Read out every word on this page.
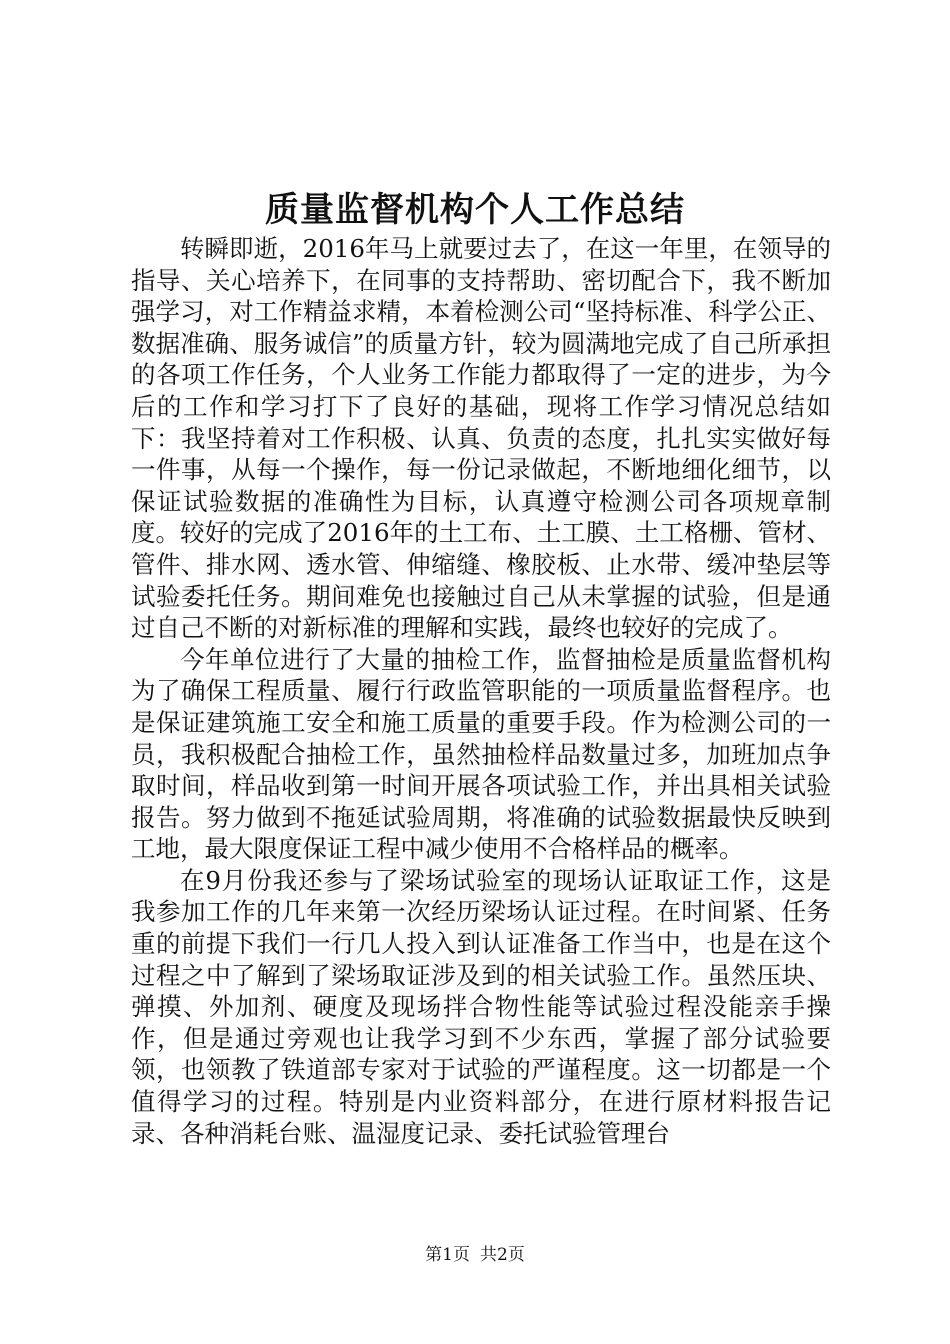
质量监督机构个人工作总结

转瞬即逝，2016年马上就要过去了，在这一年里，在领导的指导、关心培养下，在同事的支持帮助、密切配合下，我不断加强学习，对工作精益求精，本着检测公司“坚持标准、科学公正、数据准确、服务诚信”的质量方针，较为圆满地完成了自己所承担的各项工作任务，个人业务工作能力都取得了一定的进步，为今后的工作和学习打下了良好的基础，现将工作学习情况总结如下：我坚持着对工作积极、认真、负责的态度，扎扎实实做好每一件事，从每一个操作，每一份记录做起，不断地细化细节，以保证试验数据的准确性为目标，认真遵守检测公司各项规章制度。较好的完成了2016年的土工布、土工膜、土工格栅、管材、管件、排水网、透水管、伸缩缝、橡胶板、止水带、缓冲垫层等试验委托任务。期间难免也接触过自己从未掌握的试验，但是通过自己不断的对新标准的理解和实践，最终也较好的完成了。

今年单位进行了大量的抽检工作，监督抽检是质量监督机构为了确保工程质量、履行行政监管职能的一项质量监督程序。也是保证建筑施工安全和施工质量的重要手段。作为检测公司的一员，我积极配合抽检工作，虽然抽检样品数量过多，加班加点争取时间，样品收到第一时间开展各项试验工作，并出具相关试验报告。努力做到不拖延试验周期，将准确的试验数据最快反映到工地，最大限度保证工程中减少使用不合格样品的概率。

在9月份我还参与了梁场试验室的现场认证取证工作，这是我参加工作的几年来第一次经历梁场认证过程。在时间紧、任务重的前提下我们一行几人投入到认证准备工作当中，也是在这个过程之中了解到了梁场取证涉及到的相关试验工作。虽然压块、弹摸、外加剂、硬度及现场拌合物性能等试验过程没能亲手操作，但是通过旁观也让我学习到不少东西，掌握了部分试验要领，也领教了铁道部专家对于试验的严谨程度。这一切都是一个值得学习的过程。特别是内业资料部分，在进行原材料报告记录、各种消耗台账、温湿度记录、委托试验管理台

第1页 共2页
